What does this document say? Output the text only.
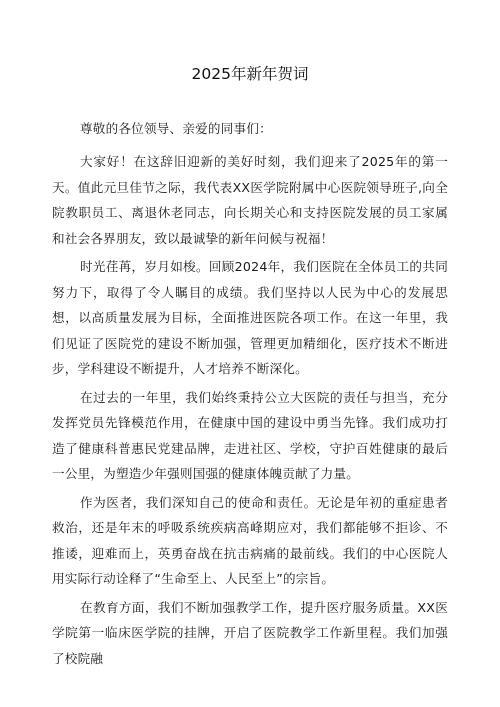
2025年新年贺词
尊敬的各位领导、亲爱的同事们：

大家好！在这辞旧迎新的美好时刻，我们迎来了2025年的第一天。值此元旦佳节之际，我代表XX医学院附属中心医院领导班子,向全院教职员工、离退休老同志，向长期关心和支持医院发展的员工家属和社会各界朋友，致以最诚挚的新年问候与祝福！

时光荏苒，岁月如梭。回顾2024年，我们医院在全体员工的共同努力下，取得了令人瞩目的成绩。我们坚持以人民为中心的发展思想，以高质量发展为目标，全面推进医院各项工作。在这一年里，我们见证了医院党的建设不断加强，管理更加精细化，医疗技术不断进步，学科建设不断提升，人才培养不断深化。

在过去的一年里，我们始终秉持公立大医院的责任与担当，充分发挥党员先锋模范作用，在健康中国的建设中勇当先锋。我们成功打造了健康科普惠民党建品牌，走进社区、学校，守护百姓健康的最后一公里，为塑造少年强则国强的健康体魄贡献了力量。

作为医者，我们深知自己的使命和责任。无论是年初的重症患者救治，还是年末的呼吸系统疾病高峰期应对，我们都能够不拒诊、不推诿，迎难而上，英勇奋战在抗击病痛的最前线。我们的中心医院人用实际行动诠释了“生命至上、人民至上”的宗旨。

在教育方面，我们不断加强教学工作，提升医疗服务质量。XX医学院第一临床医学院的挂牌，开启了医院教学工作新里程。我们加强了校院融
